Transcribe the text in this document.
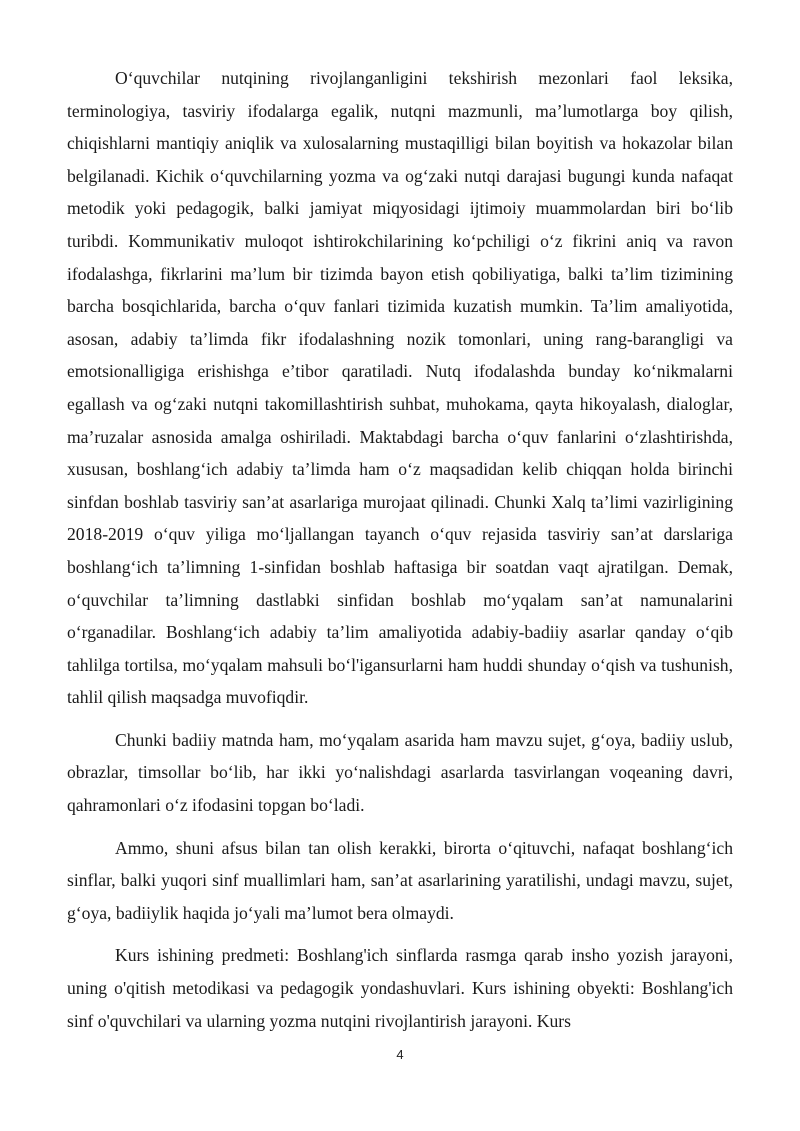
O‘quvchilar nutqining rivojlanganligini tekshirish mezonlari faol leksika, terminologiya, tasviriy ifodalarga egalik, nutqni mazmunli, ma’lumotlarga boy qilish, chiqishlarni mantiqiy aniqlik va xulosalarning mustaqilligi bilan boyitish va hokazolar bilan belgilanadi. Kichik o‘quvchilarning yozma va og‘zaki nutqi darajasi bugungi kunda nafaqat metodik yoki pedagogik, balki jamiyat miqyosidagi ijtimoiy muammolardan biri bo‘lib turibdi. Kommunikativ muloqot ishtirokchilarining ko‘pchiligi o‘z fikrini aniq va ravon ifodalashga, fikrlarini ma’lum bir tizimda bayon etish qobiliyatiga, balki ta’lim tizimining barcha bosqichlarida, barcha o‘quv fanlari tizimida kuzatish mumkin. Ta’lim amaliyotida, asosan, adabiy ta’limda fikr ifodalashning nozik tomonlari, uning rang-barangligi va emotsionalligiga erishishga e’tibor qaratiladi. Nutq ifodalashda bunday ko‘nikmalarni egallash va og‘zaki nutqni takomillashtirish suhbat, muhokama, qayta hikoyalash, dialoglar, ma’ruzalar asnosida amalga oshiriladi. Maktabdagi barcha o‘quv fanlarini o‘zlashtirishda, xususan, boshlang‘ich adabiy ta’limda ham o‘z maqsadidan kelib chiqqan holda birinchi sinfdan boshlab tasviriy san’at asarlariga murojaat qilinadi. Chunki Xalq ta’limi vazirligining 2018-2019 o‘quv yiliga mo‘ljallangan tayanch o‘quv rejasida tasviriy san’at darslariga boshlang‘ich ta’limning 1-sinfidan boshlab haftasiga bir soatdan vaqt ajratilgan. Demak, o‘quvchilar ta’limning dastlabki sinfidan boshlab mo‘yqalam san’at namunalarini o‘rganadilar. Boshlang‘ich adabiy ta’lim amaliyotida adabiy-badiiy asarlar qanday o‘qib tahlilga tortilsa, mo‘yqalam mahsuli bo‘l'igansurlarni ham huddi shunday o‘qish va tushunish, tahlil qilish maqsadga muvofiqdir.

Chunki badiiy matnda ham, mo‘yqalam asarida ham mavzu sujet, g‘oya, badiiy uslub, obrazlar, timsollar bo‘lib, har ikki yo‘nalishdagi asarlarda tasvirlangan voqeaning davri, qahramonlari o‘z ifodasini topgan bo‘ladi.

Ammo, shuni afsus bilan tan olish kerakki, birorta o‘qituvchi, nafaqat boshlang‘ich sinflar, balki yuqori sinf muallimlari ham, san’at asarlarining yaratilishi, undagi mavzu, sujet, g‘oya, badiiylik haqida jo‘yali ma’lumot bera olmaydi.

Kurs ishining predmeti: Boshlang'ich sinflarda rasmga qarab insho yozish jarayoni, uning o'qitish metodikasi va pedagogik yondashuvlari. Kurs ishining obyekti: Boshlang'ich sinf o'quvchilari va ularning yozma nutqini rivojlantirish jarayoni. Kurs

4
